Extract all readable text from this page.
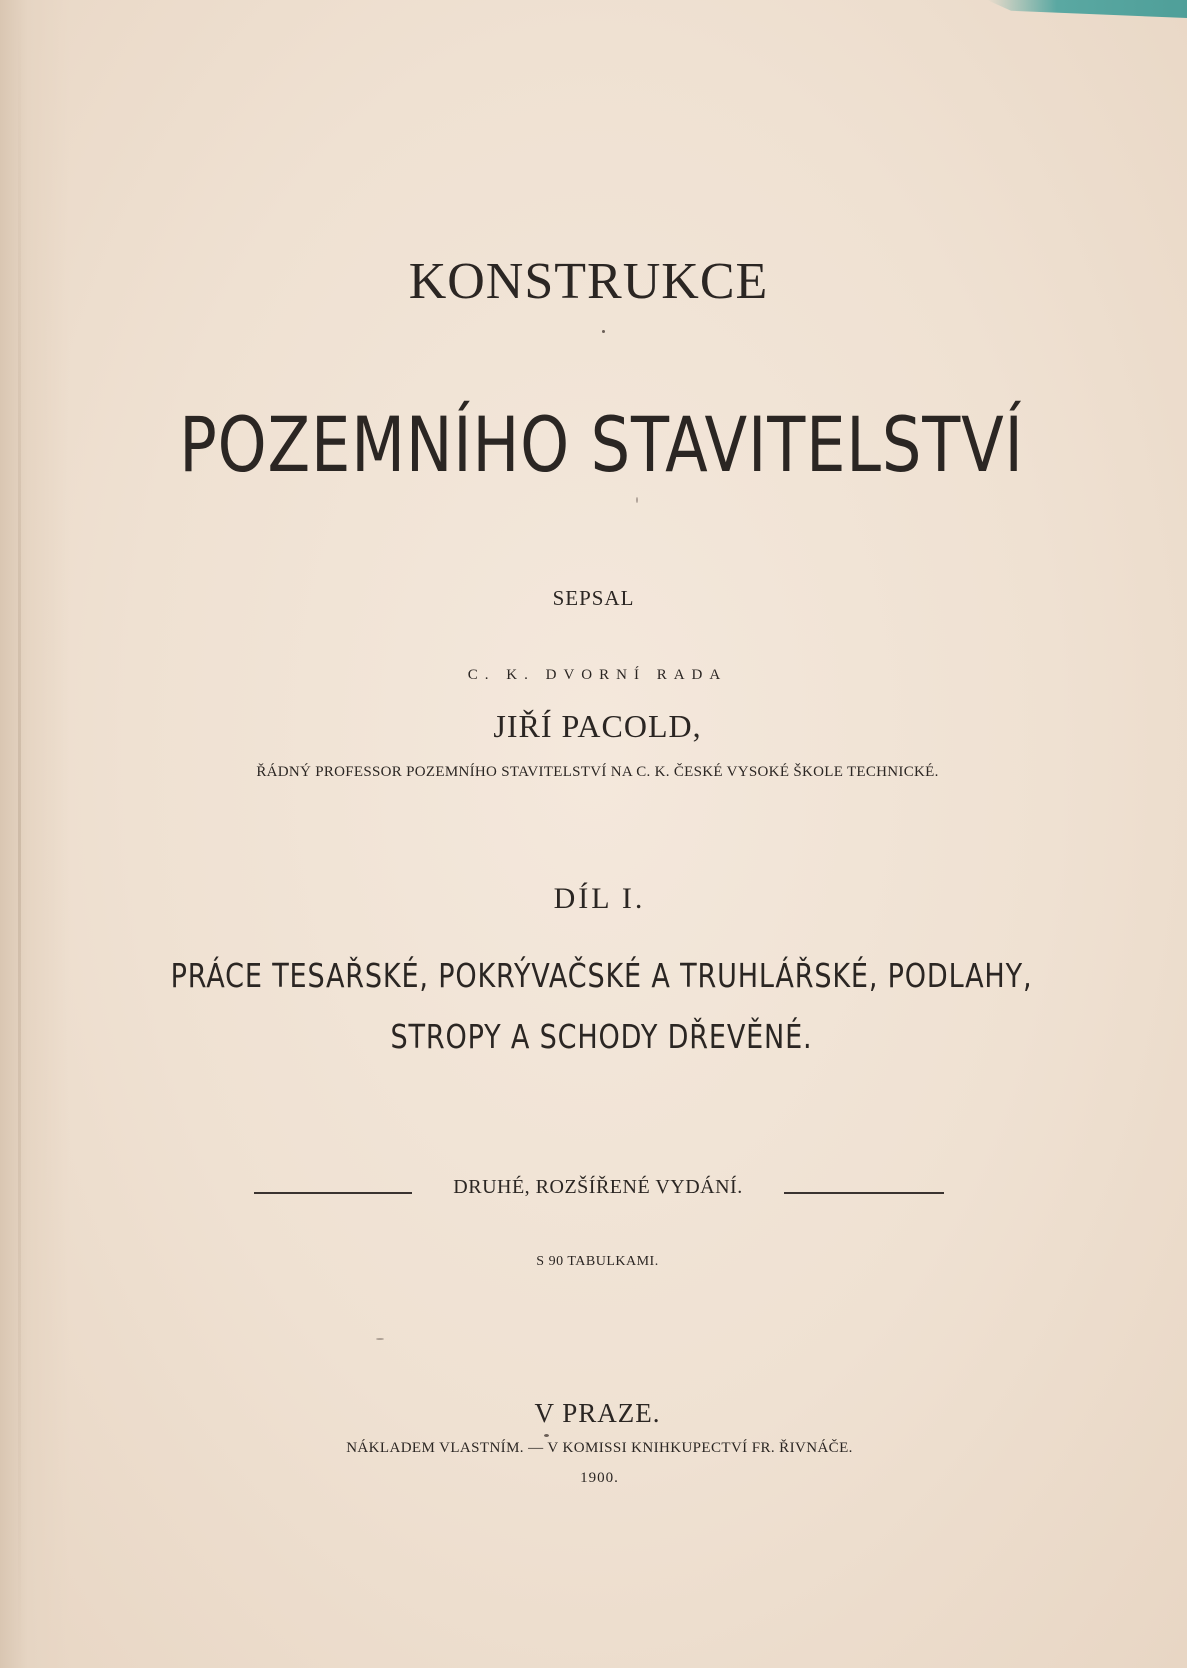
KONSTRUKCE

POZEMNÍHO STAVITELSTVÍ

SEPSAL

C. K. DVORNÍ RADA

JIŘÍ PACOLD,

ŘÁDNÝ PROFESSOR POZEMNÍHO STAVITELSTVÍ NA C. K. ČESKÉ VYSOKÉ ŠKOLE TECHNICKÉ.

DÍL I.

PRÁCE TESAŘSKÉ, POKRÝVAČSKÉ A TRUHLÁŘSKÉ, PODLAHY,

STROPY A SCHODY DŘEVĚNÉ.

DRUHÉ, ROZŠÍŘENÉ VYDÁNÍ.

S 90 TABULKAMI.

V PRAZE.

NÁKLADEM VLASTNÍM. — V KOMISSI KNIHKUPECTVÍ FR. ŘIVNÁČE.

1900.
